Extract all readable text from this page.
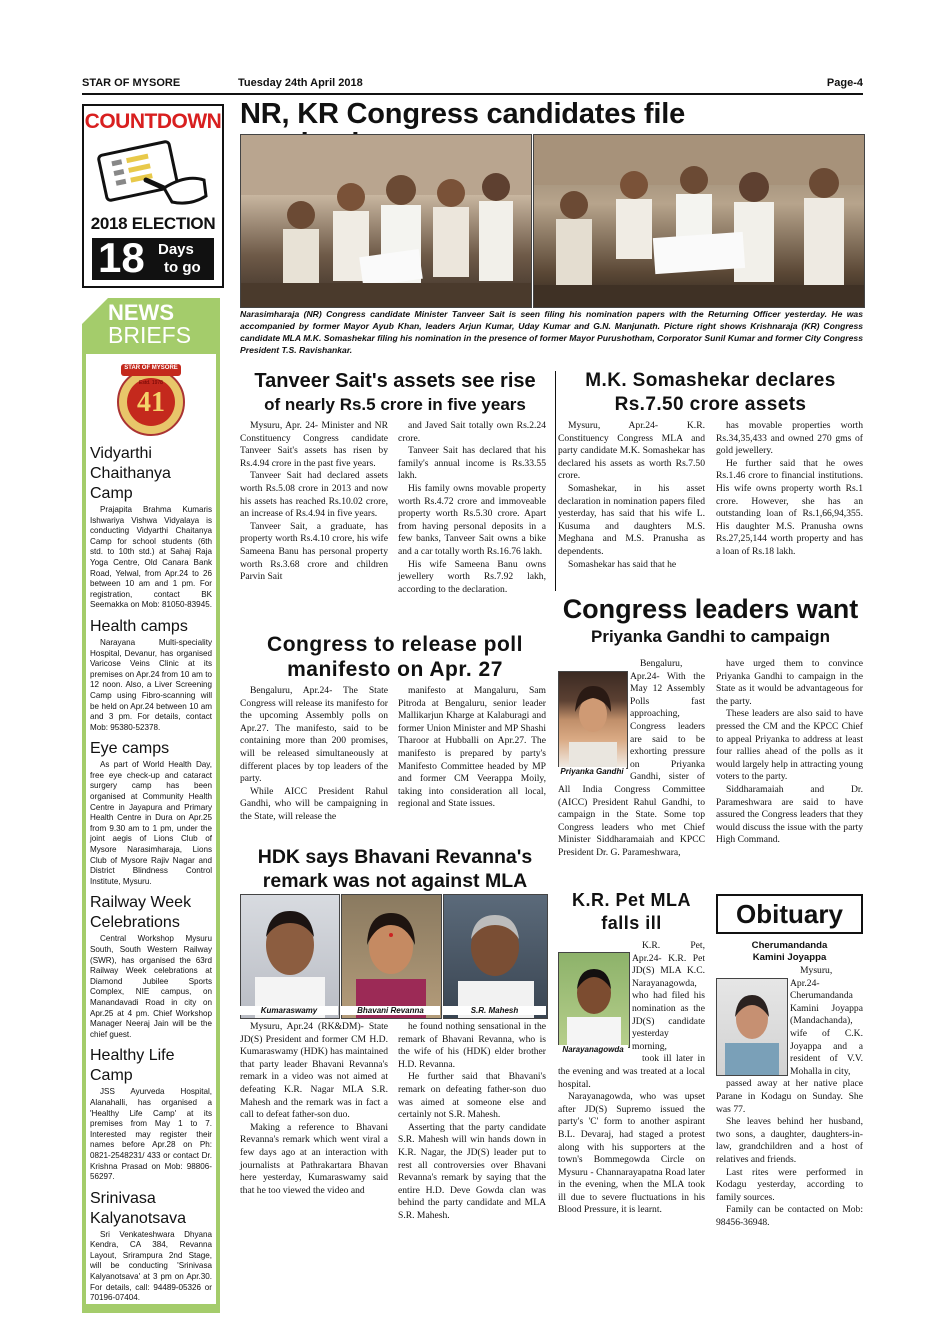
STAR OF MYSORE	Tuesday 24th April 2018	Page-4
COUNTDOWN
2018 ELECTION
18 Days
to go
NEWS
BRIEFS
STAR OF MYSORE
Estd. 1978
41
Vidyarthi Chaithanya Camp

Prajapita Brahma Kumaris Ishwariya Vishwa Vidyalaya is conducting Vidyarthi Chaitanya Camp for school students (6th std. to 10th std.) at Sahaj Raja Yoga Centre, Old Canara Bank Road, Yelwal, from Apr.24 to 26 between 10 am and 1 pm. For registration, contact BK Seemakka on Mob: 81050-83945.

Health camps

Narayana Multi-speciality Hospital, Devanur, has organised Varicose Veins Clinic at its premises on Apr.24 from 10 am to 12 noon. Also, a Liver Screening Camp using Fibro-scanning will be held on Apr.24 between 10 am and 3 pm. For details, contact Mob: 95380-52378.

Eye camps

As part of World Health Day, free eye check-up and cataract surgery camp has been organised at Community Health Centre in Jayapura and Primary Health Centre in Dura on Apr.25 from 9.30 am to 1 pm, under the joint aegis of Lions Club of Mysore Narasimharaja, Lions Club of Mysore Rajiv Nagar and District Blindness Control Institute, Mysuru.

Railway Week Celebrations

Central Workshop Mysuru South, South Western Railway (SWR), has organised the 63rd Railway Week celebrations at Diamond Jubilee Sports Complex, NIE campus, on Manandavadi Road in city on Apr.25 at 4 pm. Chief Workshop Manager Neeraj Jain will be the chief guest.

Healthy Life Camp

JSS Ayurveda Hospital, Alanahalli, has organised a 'Healthy Life Camp' at its premises from May 1 to 7. Interested may register their names before Apr.28 on Ph: 0821-2548231/ 433 or contact Dr. Krishna Prasad on Mob: 98806-56297.

Srinivasa Kalyanotsava

Sri Venkateshwara Dhyana Kendra, CA 384, Revanna Layout, Srirampura 2nd Stage, will be conducting 'Srinivasa Kalyanotsava' at 3 pm on Apr.30. For details, call: 94489-05326 or 70196-07404.

NR, KR Congress candidates file
Narasimharaja (NR) Congress candidate Minister Tanveer Sait is seen filing his nomination papers with the Returning Officer yesterday. He was accompanied by former Mayor Ayub Khan, leaders Arjun Kumar, Uday Kumar and G.N. Manjunath. Picture right shows Krishnaraja (KR) Congress candidate MLA M.K. Somashekar filing his nomination in the presence of former Mayor Purushotham, Corporator Sunil Kumar and former City Congress President T.S. Ravishankar.
Tanveer Sait's assets see rise
of nearly Rs.5 crore in five years

Mysuru, Apr. 24- Minister and NR Constituency Congress candidate Tanveer Sait's assets has risen by Rs.4.94 crore in the past five years.

Tanveer Sait had declared assets worth Rs.5.08 crore in 2013 and now his assets has reached Rs.10.02 crore, an increase of Rs.4.94 in five years.

Tanveer Sait, a graduate, has property worth Rs.4.10 crore, his wife Sameena Banu has personal property worth Rs.3.68 crore and children Parvin Sait

and Javed Sait totally own Rs.2.24 crore.

Tanveer Sait has declared that his family's annual income is Rs.33.55 lakh.

His family owns movable property worth Rs.4.72 crore and immoveable property worth Rs.5.30 crore. Apart from having personal deposits in a few banks, Tanveer Sait owns a bike and a car totally worth Rs.16.76 lakh.

His wife Sameena Banu owns jewellery worth Rs.7.92 lakh, according to the declaration.

M.K. Somashekar declares
Rs.7.50 crore assets

Mysuru, Apr.24- K.R. Constituency Congress MLA and party candidate M.K. Somashekar has declared his assets as worth Rs.7.50 crore.

Somashekar, in his asset declaration in nomination papers filed yesterday, has said that his wife L. Kusuma and daughters M.S. Meghana and M.S. Pranusha as dependents.

Somashekar has said that he

has movable properties worth Rs.34,35,433 and owned 270 gms of gold jewellery.

He further said that he owes Rs.1.46 crore to financial institutions. His wife owns property worth Rs.1 crore. However, she has an outstanding loan of Rs.1,66,94,355. His daughter M.S. Pranusha owns Rs.27,25,144 worth property and has a loan of Rs.18 lakh.

Congress to release poll
manifesto on Apr. 27

Bengaluru, Apr.24- The State Congress will release its manifesto for the upcoming Assembly polls on Apr.27. The manifesto, said to be containing more than 200 promises, will be released simultaneously at different places by top leaders of the party.

While AICC President Rahul Gandhi, who will be campaigning in the State, will release the

manifesto at Mangaluru, Sam Pitroda at Bengaluru, senior leader Mallikarjun Kharge at Kalaburagi and former Union Minister and MP Shashi Tharoor at Hubballi on Apr.27. The manifesto is prepared by party's Manifesto Committee headed by MP and former CM Veerappa Moily, taking into consideration all local, regional and State issues.

Congress leaders want
Priyanka Gandhi to campaign
Priyanka Gandhi

Bengaluru, Apr.24- With the May 12 Assembly Polls fast approaching, Congress leaders are said to be exhorting pressure on Priyanka Gandhi, sister of All India Congress Committee (AICC) President Rahul Gandhi, to campaign in the State. Some top Congress leaders who met Chief Minister Siddharamaiah and KPCC President Dr. G. Parameshwara,

have urged them to convince Priyanka Gandhi to campaign in the State as it would be advantageous for the party.

These leaders are also said to have pressed the CM and the KPCC Chief to appeal Priyanka to address at least four rallies ahead of the polls as it would largely help in attracting young voters to the party.

Siddharamaiah and Dr. Parameshwara are said to have assured the Congress leaders that they would discuss the issue with the party High Command.

HDK says Bhavani Revanna's
remark was not against MLA
Kumaraswamy	Bhavani Revanna	S.R. Mahesh

Mysuru, Apr.24 (RK&DM)- State JD(S) President and former CM H.D. Kumaraswamy (HDK) has maintained that party leader Bhavani Revanna's remark in a video was not aimed at defeating K.R. Nagar MLA S.R. Mahesh and the remark was in fact a call to defeat father-son duo.

Making a reference to Bhavani Revanna's remark which went viral a few days ago at an interaction with journalists at Pathrakartara Bhavan here yesterday, Kumaraswamy said that he too viewed the video and

he found nothing sensational in the remark of Bhavani Revanna, who is the wife of his (HDK) elder brother H.D. Revanna.

He further said that Bhavani's remark on defeating father-son duo was aimed at someone else and certainly not S.R. Mahesh.

Asserting that the party candidate S.R. Mahesh will win hands down in K.R. Nagar, the JD(S) leader put to rest all controversies over Bhavani Revanna's remark by saying that the entire H.D. Deve Gowda clan was behind the party candidate and MLA S.R. Mahesh.

K.R. Pet MLA
falls ill
Narayanagowda

K.R. Pet, Apr.24- K.R. Pet JD(S) MLA K.C. Narayanagowda, who had filed his nomination as the JD(S) candidate yesterday morning,

took ill later in the evening and was treated at a local hospital.

Narayanagowda, who was upset after JD(S) Supremo issued the party's 'C' form to another aspirant B.L. Devaraj, had staged a protest along with his supporters at the town's Bommegowda Circle on Mysuru - Channarayapatna Road later in the evening, when the MLA took ill due to severe fluctuations in his Blood Pressure, it is learnt.

Obituary
Cherumandanda
Kamini Joyappa

Mysuru, Apr.24- Cherumandanda Kamini Joyappa (Mandachanda), wife of C.K. Joyappa and a resident of V.V. Mohalla in city,

passed away at her native place Parane in Kodagu on Sunday. She was 77.

She leaves behind her husband, two sons, a daughter, daughters-in-law, grandchildren and a host of relatives and friends.

Last rites were performed in Kodagu yesterday, according to family sources.

Family can be contacted on Mob: 98456-36948.
